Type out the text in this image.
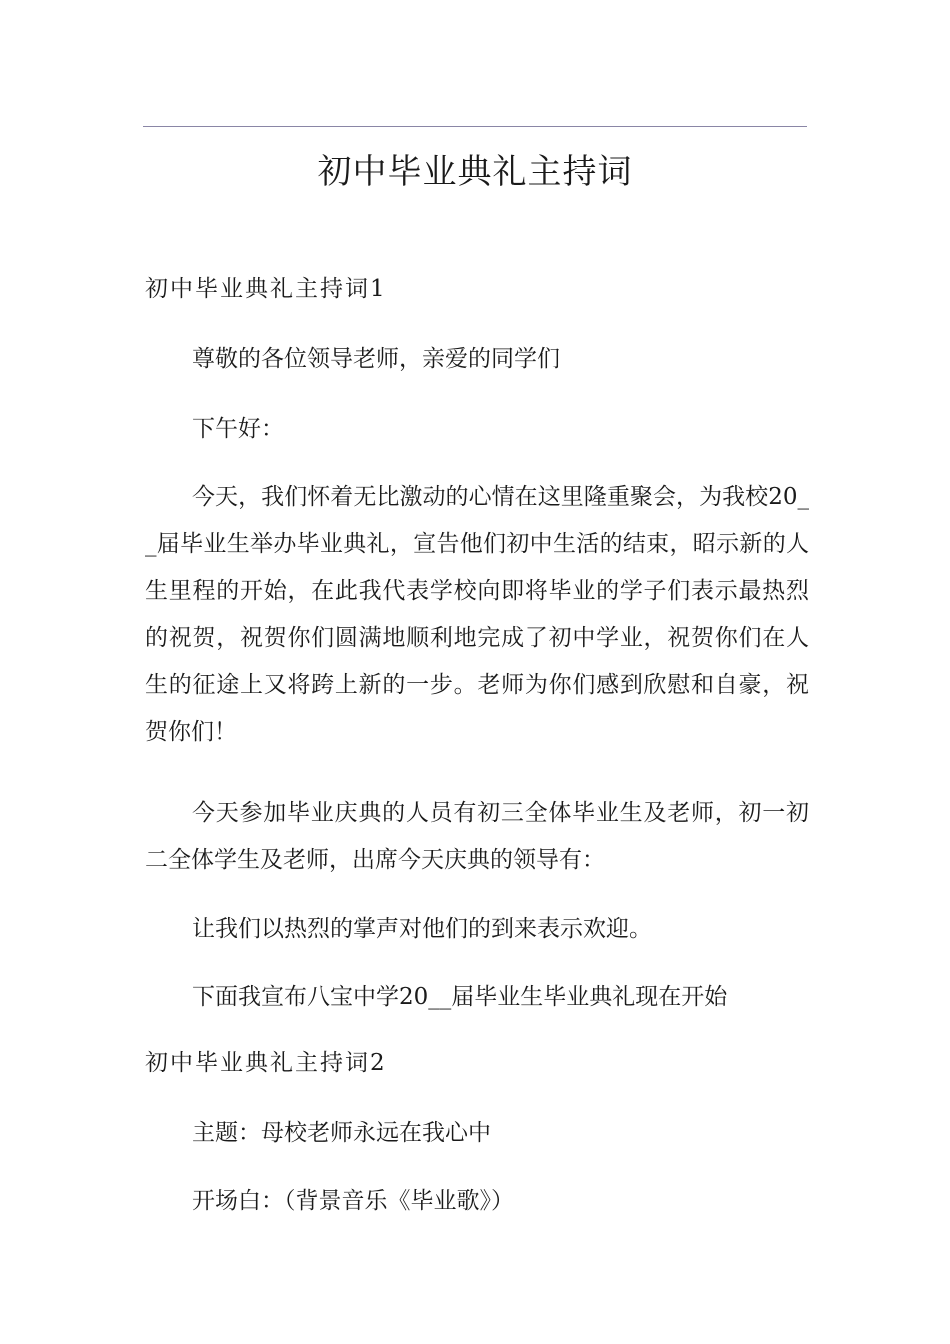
初中毕业典礼主持词
初中毕业典礼主持词1

尊敬的各位领导老师，亲爱的同学们

下午好：

今天，我们怀着无比激动的心情在这里隆重聚会，为我校20__届毕业生举办毕业典礼，宣告他们初中生活的结束，昭示新的人生里程的开始，在此我代表学校向即将毕业的学子们表示最热烈的祝贺，祝贺你们圆满地顺利地完成了初中学业，祝贺你们在人生的征途上又将跨上新的一步。老师为你们感到欣慰和自豪，祝贺你们！

今天参加毕业庆典的人员有初三全体毕业生及老师，初一初二全体学生及老师，出席今天庆典的领导有：

让我们以热烈的掌声对他们的到来表示欢迎。

下面我宣布八宝中学20__届毕业生毕业典礼现在开始

初中毕业典礼主持词2

主题：母校老师永远在我心中

开场白：（背景音乐《毕业歌》）
